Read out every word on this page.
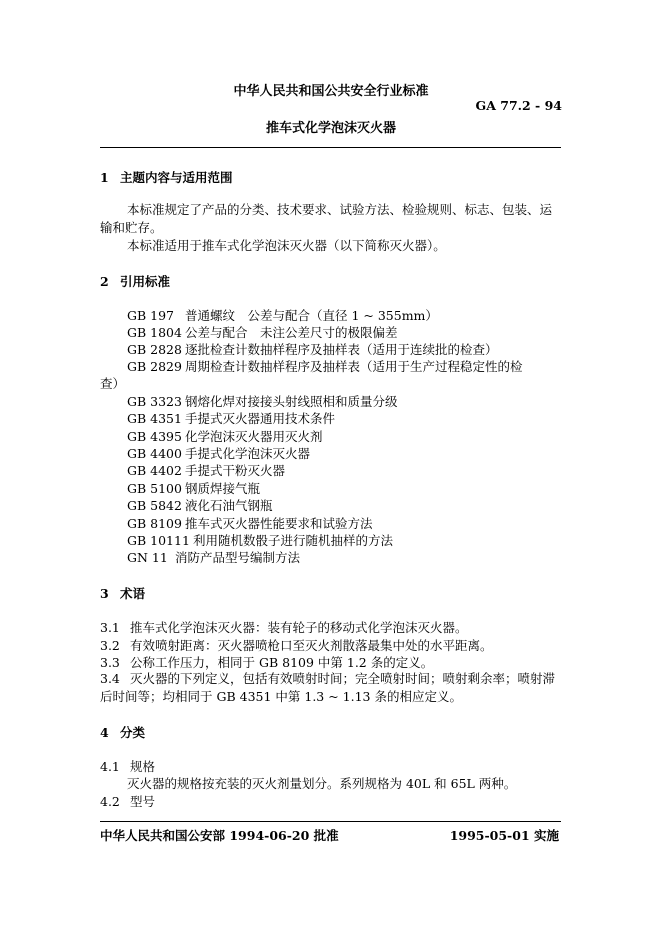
中华人民共和国公共安全行业标准
GA 77.2 - 94
推车式化学泡沫灭火器
1 主题内容与适用范围
本标准规定了产品的分类、技术要求、试验方法、检验规则、标志、包装、运输和贮存。
本标准适用于推车式化学泡沫灭火器（以下简称灭火器）。
2 引用标准
GB 197 普通螺纹　公差与配合（直径 1 ~ 355mm）
GB 1804 公差与配合　未注公差尺寸的极限偏差
GB 2828 逐批检查计数抽样程序及抽样表（适用于连续批的检查）
GB 2829 周期检查计数抽样程序及抽样表（适用于生产过程稳定性的检
查）
GB 3323 钢熔化焊对接接头射线照相和质量分级
GB 4351 手提式灭火器通用技术条件
GB 4395 化学泡沫灭火器用灭火剂
GB 4400 手提式化学泡沫灭火器
GB 4402 手提式干粉灭火器
GB 5100 钢质焊接气瓶
GB 5842 液化石油气钢瓶
GB 8109 推车式灭火器性能要求和试验方法
GB 10111 利用随机数骰子进行随机抽样的方法
GN 11 消防产品型号编制方法
3 术语
3.1 推车式化学泡沫灭火器：装有轮子的移动式化学泡沫灭火器。
3.2 有效喷射距离：灭火器喷枪口至灭火剂散落最集中处的水平距离。
3.3 公称工作压力，相同于 GB 8109 中第 1.2 条的定义。
3.4 灭火器的下列定义，包括有效喷射时间；完全喷射时间；喷射剩余率；喷射滞后时间等；均相同于 GB 4351 中第 1.3 ~ 1.13 条的相应定义。
4 分类
4.1 规格
灭火器的规格按充装的灭火剂量划分。系列规格为 40L 和 65L 两种。
4.2 型号
中华人民共和国公安部 1994-06-20 批准	1995-05-01 实施
